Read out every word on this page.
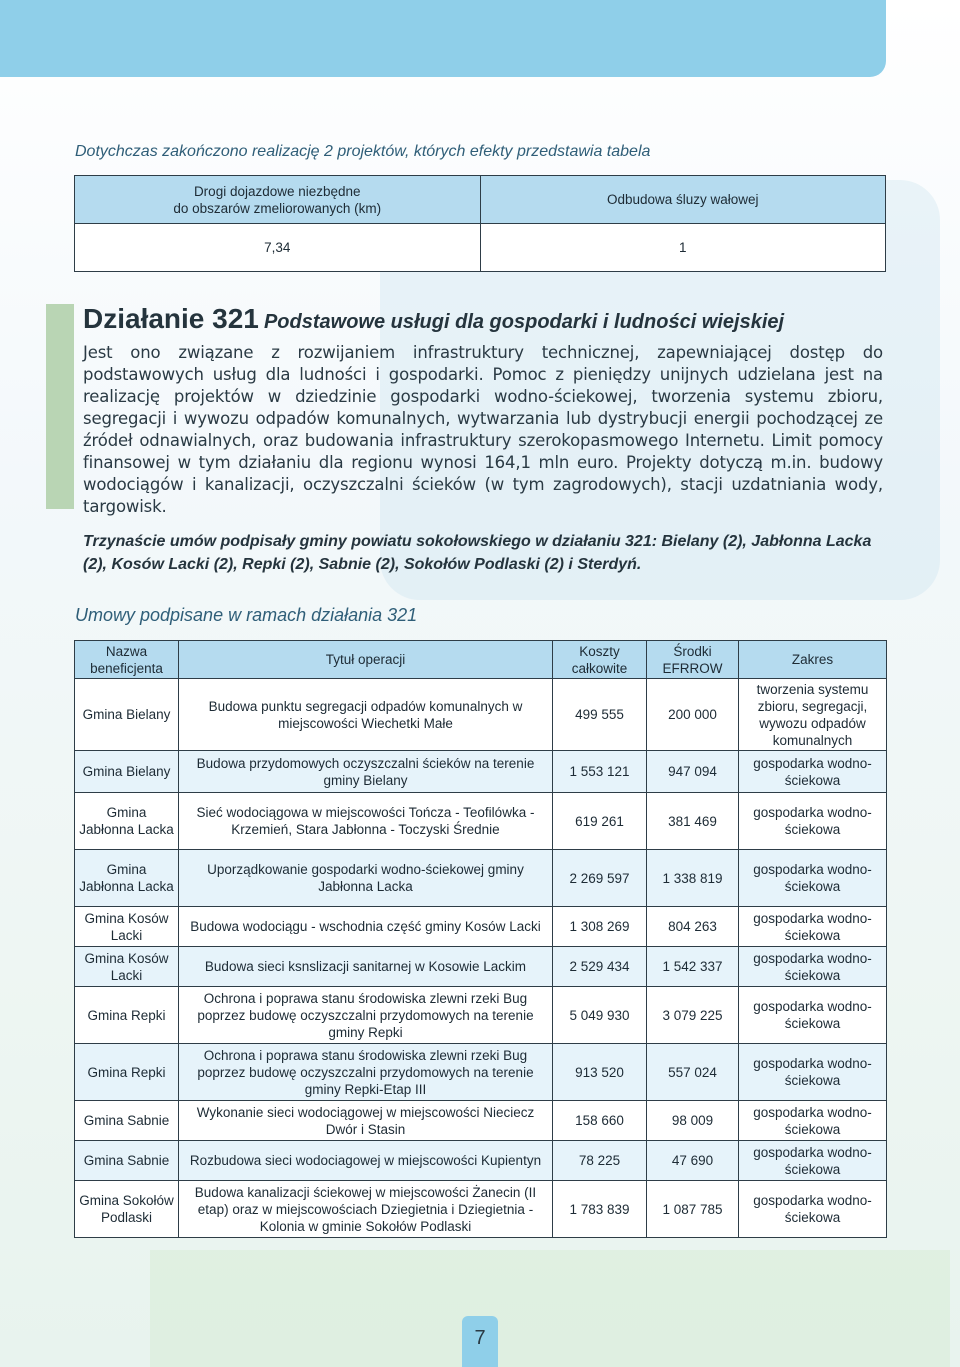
Dotychczas zakończono realizację 2 projektów, których efekty przedstawia tabela
Drogi dojazdowe niezbędne
do obszarów zmeliorowanych (km)	Odbudowa śluzy wałowej
7,34	1

Działanie 321 Podstawowe usługi dla gospodarki i ludności wiejskiej

Jest ono związane z rozwijaniem infrastruktury technicznej, zapewniającej dostęp do podstawowych usług dla ludności i gospodarki. Pomoc z pieniędzy unijnych udzielana jest na realizację projektów w dziedzinie gospodarki wodno-ściekowej, tworzenia systemu zbioru, segregacji i wywozu odpadów komunalnych, wytwarzania lub dystrybucji energii pochodzącej ze źródeł odnawialnych, oraz budowania infrastruktury szerokopasmowego Internetu. Limit pomocy finansowej w tym działaniu dla regionu wynosi 164,1 mln euro. Projekty dotyczą m.in. budowy wodociągów i kanalizacji, oczyszczalni ścieków (w tym zagrodowych), stacji uzdatniania wody, targowisk.

Trzynaście umów podpisały gminy powiatu sokołowskiego w działaniu 321: Bielany (2), Jabłonna Lacka (2), Kosów Lacki (2), Repki (2), Sabnie (2), Sokołów Podlaski (2) i Sterdyń.

Umowy podpisane w ramach działania 321
Nazwa beneficjenta	Tytuł operacji	Koszty całkowite	Środki EFRROW	Zakres
Gmina Bielany	Budowa punktu segregacji odpadów komunalnych w miejscowości Wiechetki Małe	499 555	200 000	tworzenia systemu zbioru, segregacji, wywozu odpadów komunalnych
Gmina Bielany	Budowa przydomowych oczyszczalni ścieków na terenie gminy Bielany	1 553 121	947 094	gospodarka wodno-ściekowa
Gmina Jabłonna Lacka	Sieć wodociągowa w miejscowości Tończa - Teofilówka - Krzemień, Stara Jabłonna - Toczyski Średnie	619 261	381 469	gospodarka wodno-ściekowa
Gmina Jabłonna Lacka	Uporządkowanie gospodarki wodno-ściekowej gminy Jabłonna Lacka	2 269 597	1 338 819	gospodarka wodno-ściekowa
Gmina Kosów Lacki	Budowa wodociągu - wschodnia część gminy Kosów Lacki	1 308 269	804 263	gospodarka wodno-ściekowa
Gmina Kosów Lacki	Budowa sieci ksnslizacji sanitarnej w Kosowie Lackim	2 529 434	1 542 337	gospodarka wodno-ściekowa
Gmina Repki	Ochrona i poprawa stanu środowiska zlewni rzeki Bug poprzez budowę oczyszczalni przydomowych na terenie gminy Repki	5 049 930	3 079 225	gospodarka wodno-ściekowa
Gmina Repki	Ochrona i poprawa stanu środowiska zlewni rzeki Bug poprzez budowę oczyszczalni przydomowych na terenie gminy Repki-Etap III	913 520	557 024	gospodarka wodno-ściekowa
Gmina Sabnie	Wykonanie sieci wodociągowej w miejscowości Nieciecz Dwór i Stasin	158 660	98 009	gospodarka wodno-ściekowa
Gmina Sabnie	Rozbudowa sieci wodociagowej w miejscowości Kupientyn	78 225	47 690	gospodarka wodno-ściekowa
Gmina Sokołów Podlaski	Budowa kanalizacji ściekowej w miejscowości Żanecin (II etap) oraz w miejscowościach Dziegietnia i Dziegietnia - Kolonia w gminie Sokołów Podlaski	1 783 839	1 087 785	gospodarka wodno-ściekowa
7
